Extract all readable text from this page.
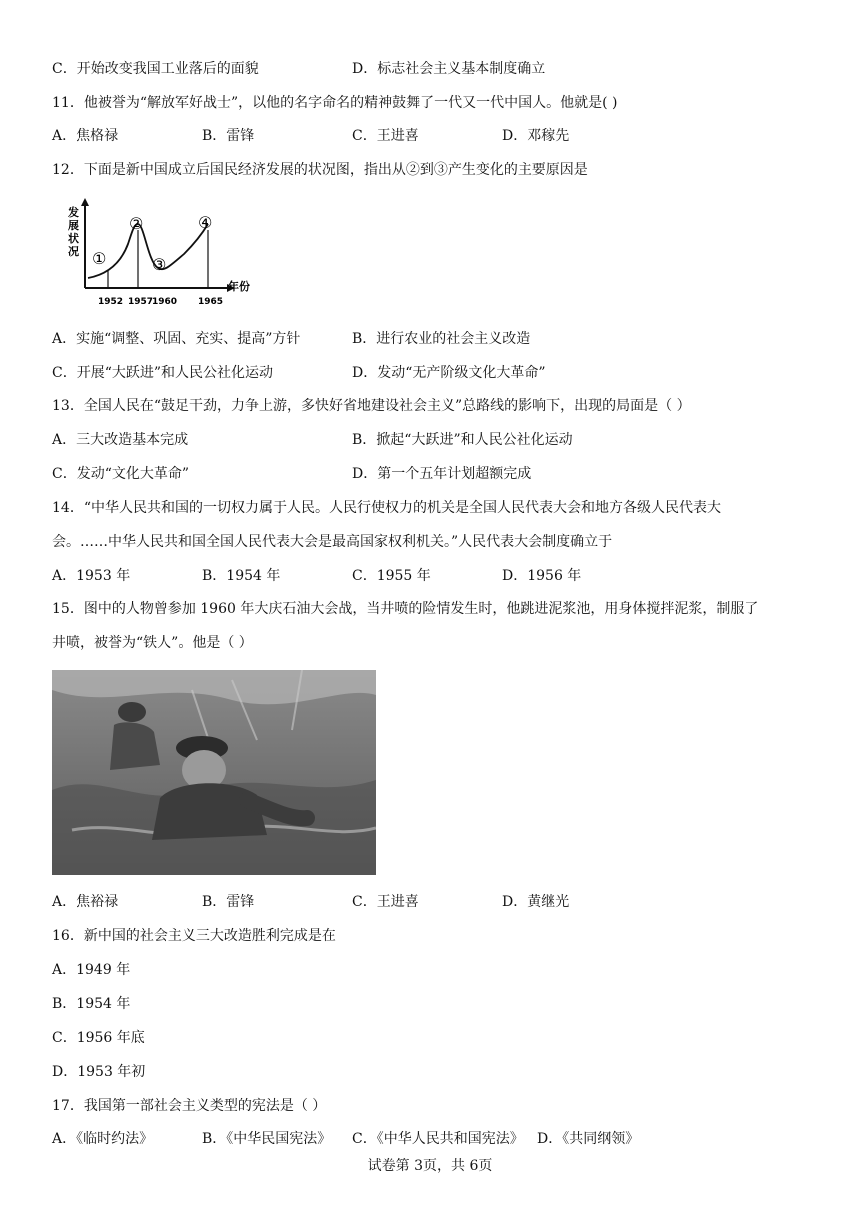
C．开始改变我国工业落后的面貌	D．标志社会主义基本制度确立
11．他被誉为“解放军好战士”，以他的名字命名的精神鼓舞了一代又一代中国人。他就是( )
A．焦格禄	B．雷锋	C．王进喜	D．邓稼先
12．下面是新中国成立后国民经济发展的状况图，指出从②到③产生变化的主要原因是
发 展 状 况 ①
②
③
④
1952 1957
1960 1965
年份
A．实施“调整、巩固、充实、提高”方针	B．进行农业的社会主义改造
C．开展“大跃进”和人民公社化运动	D．发动“无产阶级文化大革命”
13．全国人民在“鼓足干劲，力争上游，多快好省地建设社会主义”总路线的影响下，出现的局面是（ ）
A．三大改造基本完成	B．掀起“大跃进”和人民公社化运动
C．发动“文化大革命”	D．第一个五年计划超额完成
14．“中华人民共和国的一切权力属于人民。人民行使权力的机关是全国人民代表大会和地方各级人民代表大
会。……中华人民共和国全国人民代表大会是最高国家权利机关。”人民代表大会制度确立于
A．1953 年	B．1954 年	C．1955 年	D．1956 年
15．图中的人物曾参加 1960 年大庆石油大会战，当井喷的险情发生时，他跳进泥浆池，用身体搅拌泥浆，制服了
井喷，被誉为“铁人”。他是（ ）
A．焦裕禄	B．雷锋	C．王进喜	D．黄继光
16．新中国的社会主义三大改造胜利完成是在
A．1949 年
B．1954 年
C．1956 年底
D．1953 年初
17．我国第一部社会主义类型的宪法是（ ）
A．《临时约法》	B．《中华民国宪法》 C．《中华人民共和国宪法》 D．《共同纲领》
试卷第 3页，共 6页
